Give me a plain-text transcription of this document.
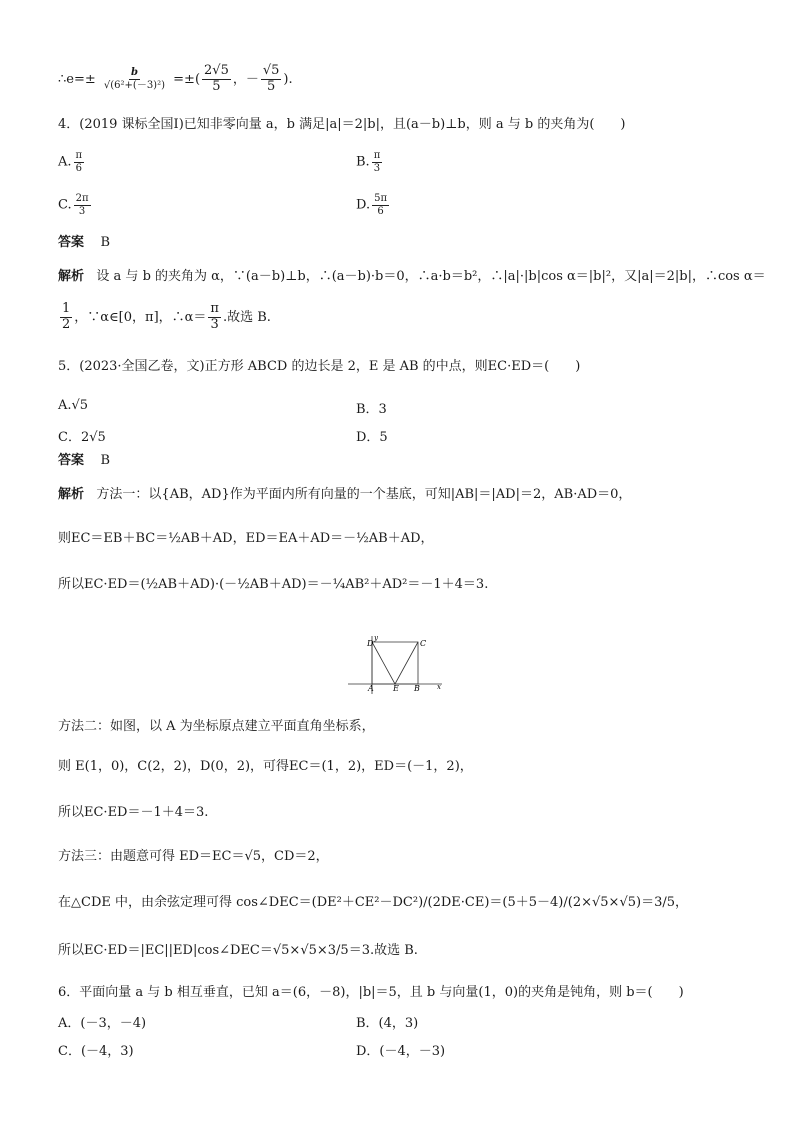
∴e=± $\frac{b}{\text{√(6²+(－3)²)}}$ =±( $\frac{2√5}{5}$ ，－ $\frac{√5}{5}$ ).
4．(2019 课标全国Ⅰ)已知非零向量 a，b 满足|a|＝2|b|，且(a－b)⊥b，则 a 与 b 的夹角为(　　)
A. $\frac{\pi}{6}$	B. $\frac{\pi}{3}$
C. $\frac{2\pi}{3}$	D. $\frac{5\pi}{6}$
答案 B
解析 设 a 与 b 的夹角为 α，∵(a－b)⊥b，∴(a－b)·b＝0，∴a·b＝b²，∴|a|·|b|cos α＝|b|²，又|a|＝2|b|，∴cos α＝
$\frac{1}{2}$ ，∵α∈[0，π]，∴α＝ $\frac{\pi}{3}$ .故选 B.
5．(2023·全国乙卷，文)正方形 ABCD 的边长是 2，E 是 AB 的中点，则EC·ED＝(　　)
A.√5	B．3
C．2√5	D．5
答案 B
解析 方法一：以{AB，AD}作为平面内所有向量的一个基底，可知|AB|＝|AD|＝2，AB·AD＝0，
则EC＝EB＋BC＝½AB＋AD，ED＝EA＋AD＝－½AB＋AD，
所以EC·ED＝(½AB＋AD)·(－½AB＋AD)＝－¼AB²＋AD²＝－1＋4＝3.
D	C
A E B x
y
方法二：如图，以 A 为坐标原点建立平面直角坐标系，
则 E(1，0)，C(2，2)，D(0，2)，可得EC＝(1，2)，ED＝(－1，2)，
所以EC·ED＝－1＋4＝3.
方法三：由题意可得 ED＝EC＝√5，CD＝2，
在△CDE 中，由余弦定理可得 cos∠DEC＝(DE²＋CE²－DC²)/(2DE·CE)＝(5＋5－4)/(2×√5×√5)＝3/5，
所以EC·ED＝|EC||ED|cos∠DEC＝√5×√5×3/5＝3.故选 B.
6．平面向量 a 与 b 相互垂直，已知 a＝(6，－8)，|b|＝5，且 b 与向量(1，0)的夹角是钝角，则 b＝(　　)
A．(－3，－4)	B．(4，3)
C．(－4，3)	D．(－4，－3)
